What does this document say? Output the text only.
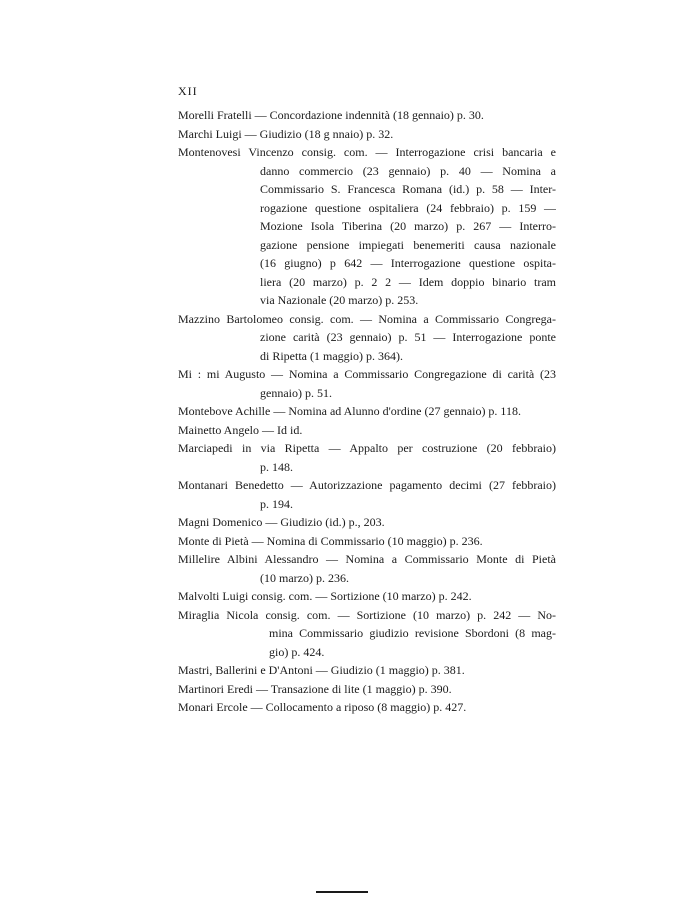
XII
Morelli Fratelli — Concordazione indennità (18 gennaio) p. 30.
Marchi Luigi — Giudizio (18 g nnaio) p. 32.
Montenovesi Vincenzo consig. com. — Interrogazione crisi bancaria e
danno commercio (23 gennaio) p. 40 — Nomina a
Commissario S. Francesca Romana (id.) p. 58 — Inter-
rogazione questione ospitaliera (24 febbraio) p. 159 —
Mozione Isola Tiberina (20 marzo) p. 267 — Interro-
gazione pensione impiegati benemeriti causa nazionale
(16 giugno) p 642 — Interrogazione questione ospita-
liera (20 marzo) p. 2 2 — Idem doppio binario tram
via Nazionale (20 marzo) p. 253.
Mazzino Bartolomeo consig. com. — Nomina a Commissario Congrega-
zione carità (23 gennaio) p. 51 — Interrogazione ponte
di Ripetta (1 maggio) p. 364).
Mi : mi Augusto — Nomina a Commissario Congregazione di carità (23
gennaio) p. 51.
Montebove Achille — Nomina ad Alunno d'ordine (27 gennaio) p. 118.
Mainetto Angelo — Id id.
Marciapedi in via Ripetta — Appalto per costruzione (20 febbraio)
p. 148.
Montanari Benedetto — Autorizzazione pagamento decimi (27 febbraio)
p. 194.
Magni Domenico — Giudizio (id.) p., 203.
Monte di Pietà — Nomina di Commissario (10 maggio) p. 236.
Millelire Albini Alessandro — Nomina a Commissario Monte di Pietà
(10 marzo) p. 236.
Malvolti Luigi consig. com. — Sortizione (10 marzo) p. 242.
Miraglia Nicola consig. com. — Sortizione (10 marzo) p. 242 — No-
mina Commissario giudizio revisione Sbordoni (8 mag-
gio) p. 424.
Mastri, Ballerini e D'Antoni — Giudizio (1 maggio) p. 381.
Martinori Eredi — Transazione di lite (1 maggio) p. 390.
Monari Ercole — Collocamento a riposo (8 maggio) p. 427.
